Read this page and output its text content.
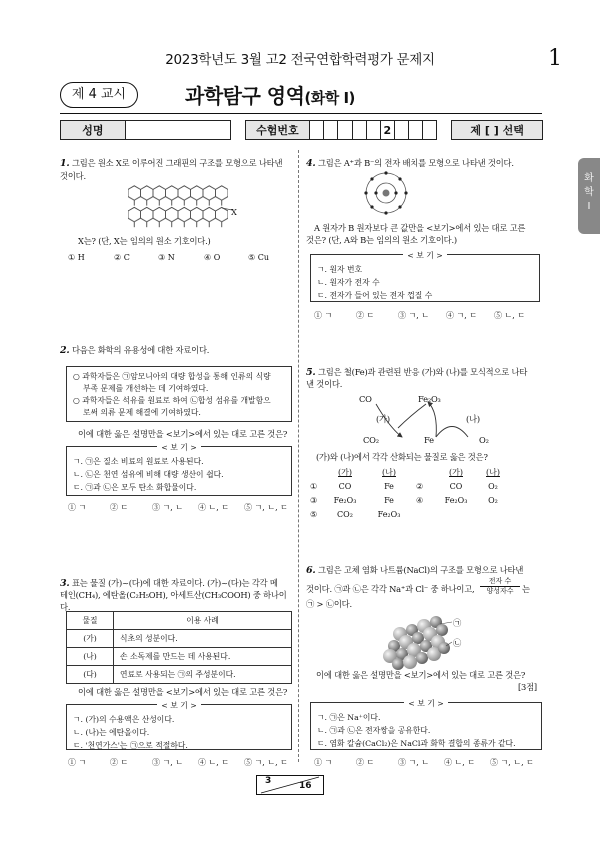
2023학년도 3월 고2 전국연합학력평가 문제지	1
제 4 교시	과학탐구 영역(화학 Ⅰ)
성명	수험번호	2	제 [ ] 선택
화
학
Ⅰ
1. 그림은 원소 X로 이루어진 그래핀의 구조를 모형으로 나타낸 것이다.
X
X는? (단, X는 임의의 원소 기호이다.)
① H	② C	③ N	④ O	⑤ Cu
2. 다음은 화학의 유용성에 대한 자료이다.
○ 과학자들은 ㉠암모니아의 대량 합성을 통해 인류의 식량
부족 문제를 개선하는 데 기여하였다.
○ 과학자들은 석유를 원료로 하여 ㉡합성 섬유를 개발함으
로써 의류 문제 해결에 기여하였다.
이에 대한 옳은 설명만을 <보기>에서 있는 대로 고른 것은?
< 보 기 >
ㄱ. ㉠은 질소 비료의 원료로 사용된다.
ㄴ. ㉡은 천연 섬유에 비해 대량 생산이 쉽다.
ㄷ. ㉠과 ㉡은 모두 탄소 화합물이다.
① ㄱ	② ㄷ	③ ㄱ, ㄴ	④ ㄴ, ㄷ	⑤ ㄱ, ㄴ, ㄷ
3. 표는 물질 (가)~(다)에 대한 자료이다. (가)~(다)는 각각 메
테인(CH₄), 에탄올(C₂H₅OH), 아세트산(CH₃COOH) 중 하나이다.
물질	이용 사례
(가)	식초의 성분이다.
(나)	손 소독제를 만드는 데 사용된다.
(다)	연료로 사용되는 ㉠의 주성분이다.
이에 대한 옳은 설명만을 <보기>에서 있는 대로 고른 것은?
< 보 기 >
ㄱ. (가)의 수용액은 산성이다.
ㄴ. (나)는 에탄올이다.
ㄷ. '천연가스'는 ㉠으로 적절하다.
① ㄱ	② ㄷ	③ ㄱ, ㄴ	④ ㄴ, ㄷ	⑤ ㄱ, ㄴ, ㄷ
4. 그림은 A⁺과 B⁻의 전자 배치를 모형으로 나타낸 것이다.
A 원자가 B 원자보다 큰 값만을 <보기>에서 있는 대로 고른
것은? (단, A와 B는 임의의 원소 기호이다.)
< 보 기 >
ㄱ. 원자 번호
ㄴ. 원자가 전자 수
ㄷ. 전자가 들어 있는 전자 껍질 수
① ㄱ	② ㄷ	③ ㄱ, ㄴ	④ ㄱ, ㄷ	⑤ ㄴ, ㄷ
5. 그림은 철(Fe)과 관련된 반응 (가)와 (나)를 모식적으로 나타
낸 것이다.
CO	Fe₂O₃
(가)	(나)
CO₂	Fe	O₂
(가)와 (나)에서 각각 산화되는 물질로 옳은 것은?
(가)	(나)	(가)	(나)
①	CO	Fe	②	CO	O₂
③	Fe₂O₃	Fe	④	Fe₂O₃	O₂
⑤	CO₂	Fe₂O₃
6. 그림은 고체 염화 나트륨(NaCl)의 구조를 모형으로 나타낸
것이다. ㉠과 ㉡은 각각 Na⁺과 Cl⁻ 중 하나이고,
전자 수
양성자수	는
㉠ > ㉡이다.
㉠
㉡
이에 대한 옳은 설명만을 <보기>에서 있는 대로 고른 것은?
[3점]
< 보 기 >
ㄱ. ㉠은 Na⁺이다.
ㄴ. ㉠과 ㉡은 전자쌍을 공유한다.
ㄷ. 염화 칼슘(CaCl₂)은 NaCl과 화학 결합의 종류가 같다.
① ㄱ	② ㄷ	③ ㄱ, ㄴ	④ ㄴ, ㄷ	⑤ ㄱ, ㄴ, ㄷ
3	16
